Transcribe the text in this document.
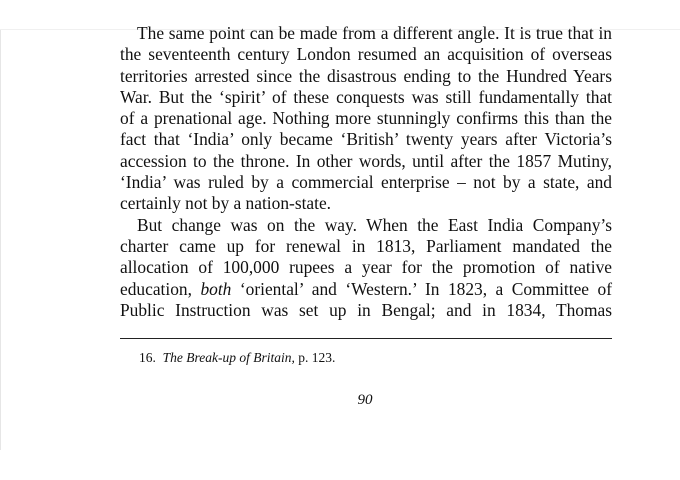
The same point can be made from a different angle. It is true that in
the seventeenth century London resumed an acquisition of overseas
territories arrested since the disastrous ending to the Hundred Years
War. But the ‘spirit’ of these conquests was still fundamentally that
of a prenational age. Nothing more stunningly confirms this than the
fact that ‘India’ only became ‘British’ twenty years after Victoria’s
accession to the throne. In other words, until after the 1857 Mutiny,
‘India’ was ruled by a commercial enterprise – not by a state, and
certainly not by a nation-state.
But change was on the way. When the East India Company’s
charter came up for renewal in 1813, Parliament mandated the
allocation of 100,000 rupees a year for the promotion of native
education, both ‘oriental’ and ‘Western.’ In 1823, a Committee of
Public Instruction was set up in Bengal; and in 1834, Thomas
16. The Break-up of Britain, p. 123.
90
